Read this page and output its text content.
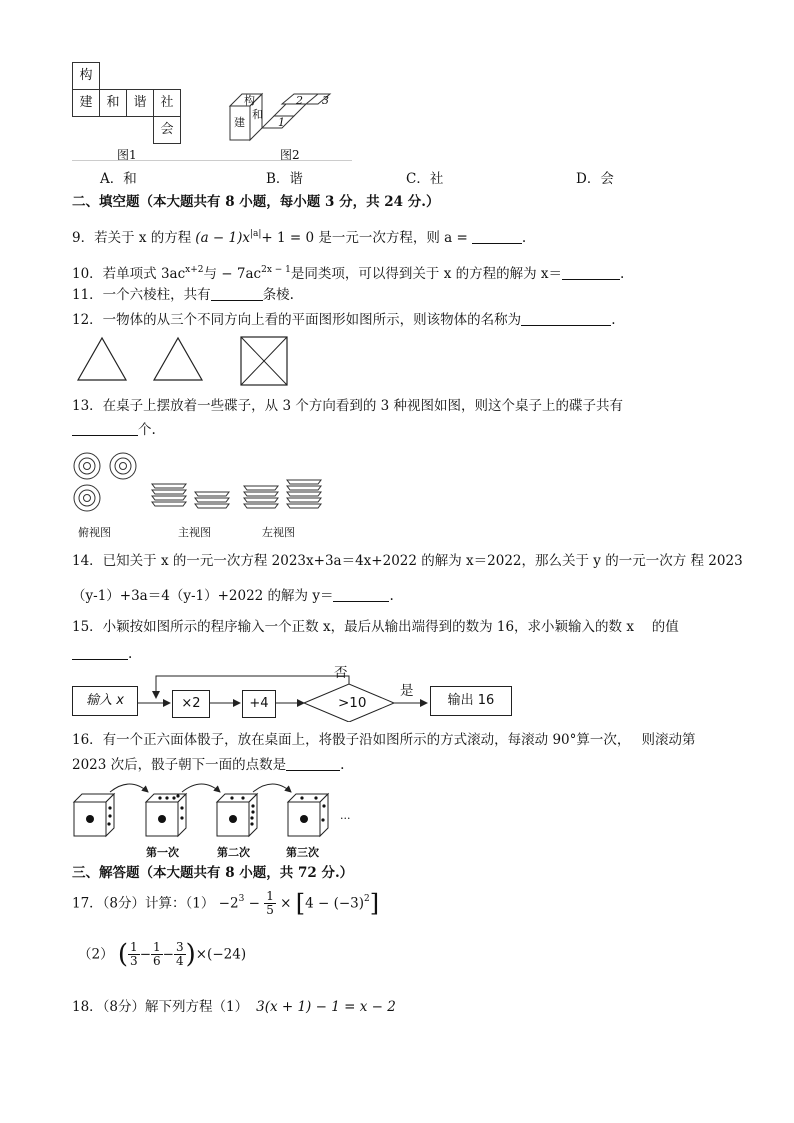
构
建	和	谐	社
会
图1
构
建
和
1
2 3
图2
A．和	B．谐	C．社	D．会
二、填空题（本大题共有 8 小题，每小题 3 分，共 24 分.）
9．若关于 x 的方程 $(a - 1)x^{|a|}+ 1 = 0$ 是一元一次方程，则 a =	.
10．若单项式 $3ac^{x+2}$与 − $7ac^{2x - 1}$是同类项，可以得到关于 x 的方程的解为 x＝	.
11．一个六棱柱，共有	条棱.
12．一物体的从三个不同方向上看的平面图形如图所示，则该物体的名称为	.
13．在桌子上摆放着一些碟子，从 3 个方向看到的 3 种视图如图，则这个桌子上的碟子共有
个.
俯视图	主视图	左视图
14．已知关于 x 的一元一次方程 2023x+3a＝4x+2022 的解为 x＝2022，那么关于 y 的一元一次方 程 2023
（y-1）+3a＝4（y-1）+2022 的解为 y＝	.
15．小颖按如图所示的程序输入一个正数 x，最后从输出端得到的数为 16，求小颖输入的数 x　 的值
.
输入 x	×2	+4	>10
否
是
输出 16
16．有一个正六面体骰子，放在桌面上，将骰子沿如图所示的方式滚动，每滚动 90°算一次，　 则滚动第
2023 次后，骰子朝下一面的点数是	.
···
第一次	第二次	第三次
三、解答题（本大题共有 8 小题，共 72 分.）
17．（8分）计算：$(1) -2^3 - \frac{1}{5} \times [4 - (-3)^2]$
（2） ( $\frac{1}{3} - \frac{1}{6} - \frac{3}{4} )\times(-24)$
18．（8分）解下列方程（1） 3(x + 1) − 1 = x − 2
